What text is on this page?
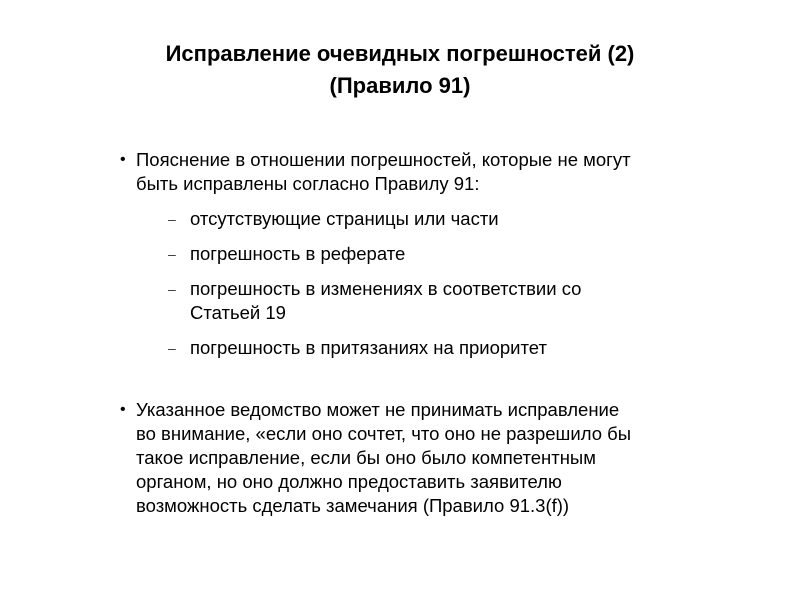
Исправление очевидных погрешностей (2)
(Правило 91)
• Пояснение в отношении погрешностей, которые не могут
быть исправлены согласно Правилу 91:
– отсутствующие страницы или части
– погрешность в реферате
– погрешность в изменениях в соответствии со
Статьей 19
– погрешность в притязаниях на приоритет
• Указанное ведомство может не принимать исправление
во внимание, «если оно сочтет, что оно не разрешило бы
такое исправление, если бы оно было компетентным
органом, но оно должно предоставить заявителю
возможность сделать замечания (Правило 91.3(f))
